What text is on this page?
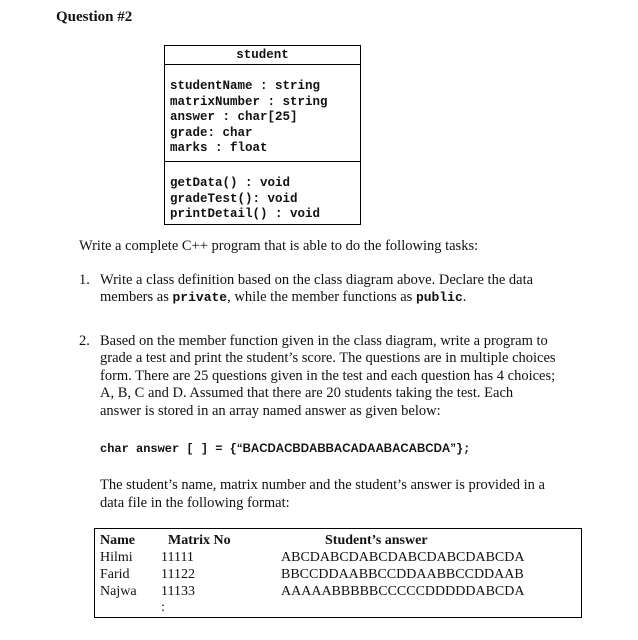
Question #2
student
studentName : string
matrixNumber : string
answer : char[25]
grade: char
marks : float
getData() : void
gradeTest(): void
printDetail() : void
Write a complete C++ program that is able to do the following tasks:
1. Write a class definition based on the class diagram above. Declare the data
members as private, while the member functions as public.
2. Based on the member function given in the class diagram, write a program to
grade a test and print the student’s score. The questions are in multiple choices
form. There are 25 questions given in the test and each question has 4 choices;
A, B, C and D. Assumed that there are 20 students taking the test. Each
answer is stored in an array named answer as given below:
char answer [ ] = {“BACDACBDABBACADAABACABCDA”};
The student’s name, matrix number and the student’s answer is provided in a
data file in the following format:
Name Matrix No	Student’s answer
Hilmi 11111	ABCDABCDABCDABCDABCDABCDA
Farid 11122	BBCCDDAABBCCDDAABBCCDDAAB
Najwa 11133	AAAAABBBBBCCCCCDDDDDABCDA
:
